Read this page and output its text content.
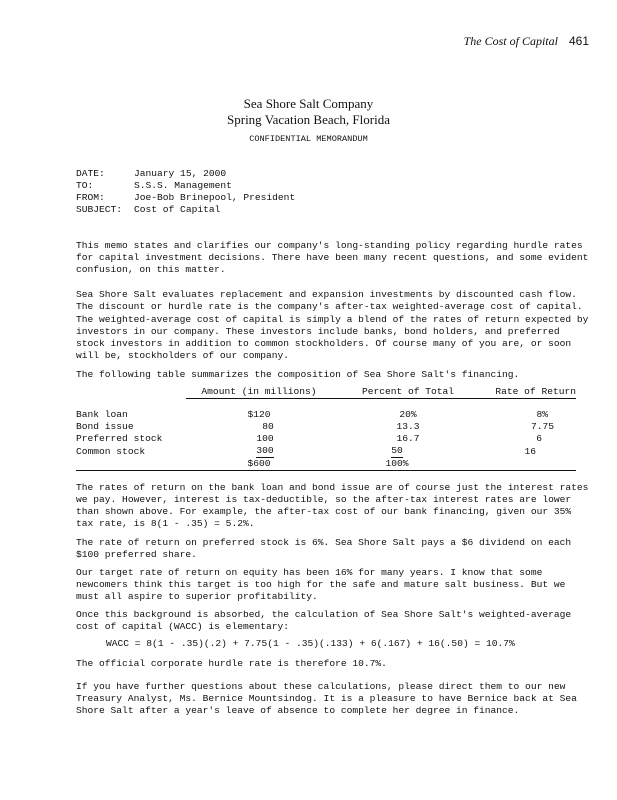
The Cost of Capital 461
Sea Shore Salt Company
Spring Vacation Beach, Florida
CONFIDENTIAL MEMORANDUM
DATE:	January 15, 2000
TO:	S.S.S. Management
FROM:	Joe-Bob Brinepool, President
SUBJECT:	Cost of Capital

This memo states and clarifies our company's long-standing policy regarding hurdle rates
for capital investment decisions. There have been many recent questions, and some evident
confusion, on this matter.

Sea Shore Salt evaluates replacement and expansion investments by discounted cash flow.
The discount or hurdle rate is the company's after-tax weighted-average cost of capital.

The weighted-average cost of capital is simply a blend of the rates of return expected by
investors in our company. These investors include banks, bond holders, and preferred
stock investors in addition to common stockholders. Of course many of you are, or soon
will be, stockholders of our company.

The following table summarizes the composition of Sea Shore Salt's financing.

	Amount (in millions)	Percent of Total	Rate of Return

Bank loan	$120	20%	8%
Bond issue	80	13.3	7.75
Preferred stock	100	16.7	6
Common stock	300	50	16
	$600	100%	

The rates of return on the bank loan and bond issue are of course just the interest rates
we pay. However, interest is tax-deductible, so the after-tax interest rates are lower
than shown above. For example, the after-tax cost of our bank financing, given our 35%
tax rate, is 8(1 - .35) = 5.2%.

The rate of return on preferred stock is 6%. Sea Shore Salt pays a $6 dividend on each
$100 preferred share.

Our target rate of return on equity has been 16% for many years. I know that some
newcomers think this target is too high for the safe and mature salt business. But we
must all aspire to superior profitability.

Once this background is absorbed, the calculation of Sea Shore Salt's weighted-average
cost of capital (WACC) is elementary:

WACC = 8(1 - .35)(.2) + 7.75(1 - .35)(.133) + 6(.167) + 16(.50) = 10.7%

The official corporate hurdle rate is therefore 10.7%.

If you have further questions about these calculations, please direct them to our new
Treasury Analyst, Ms. Bernice Mountsindog. It is a pleasure to have Bernice back at Sea
Shore Salt after a year's leave of absence to complete her degree in finance.
